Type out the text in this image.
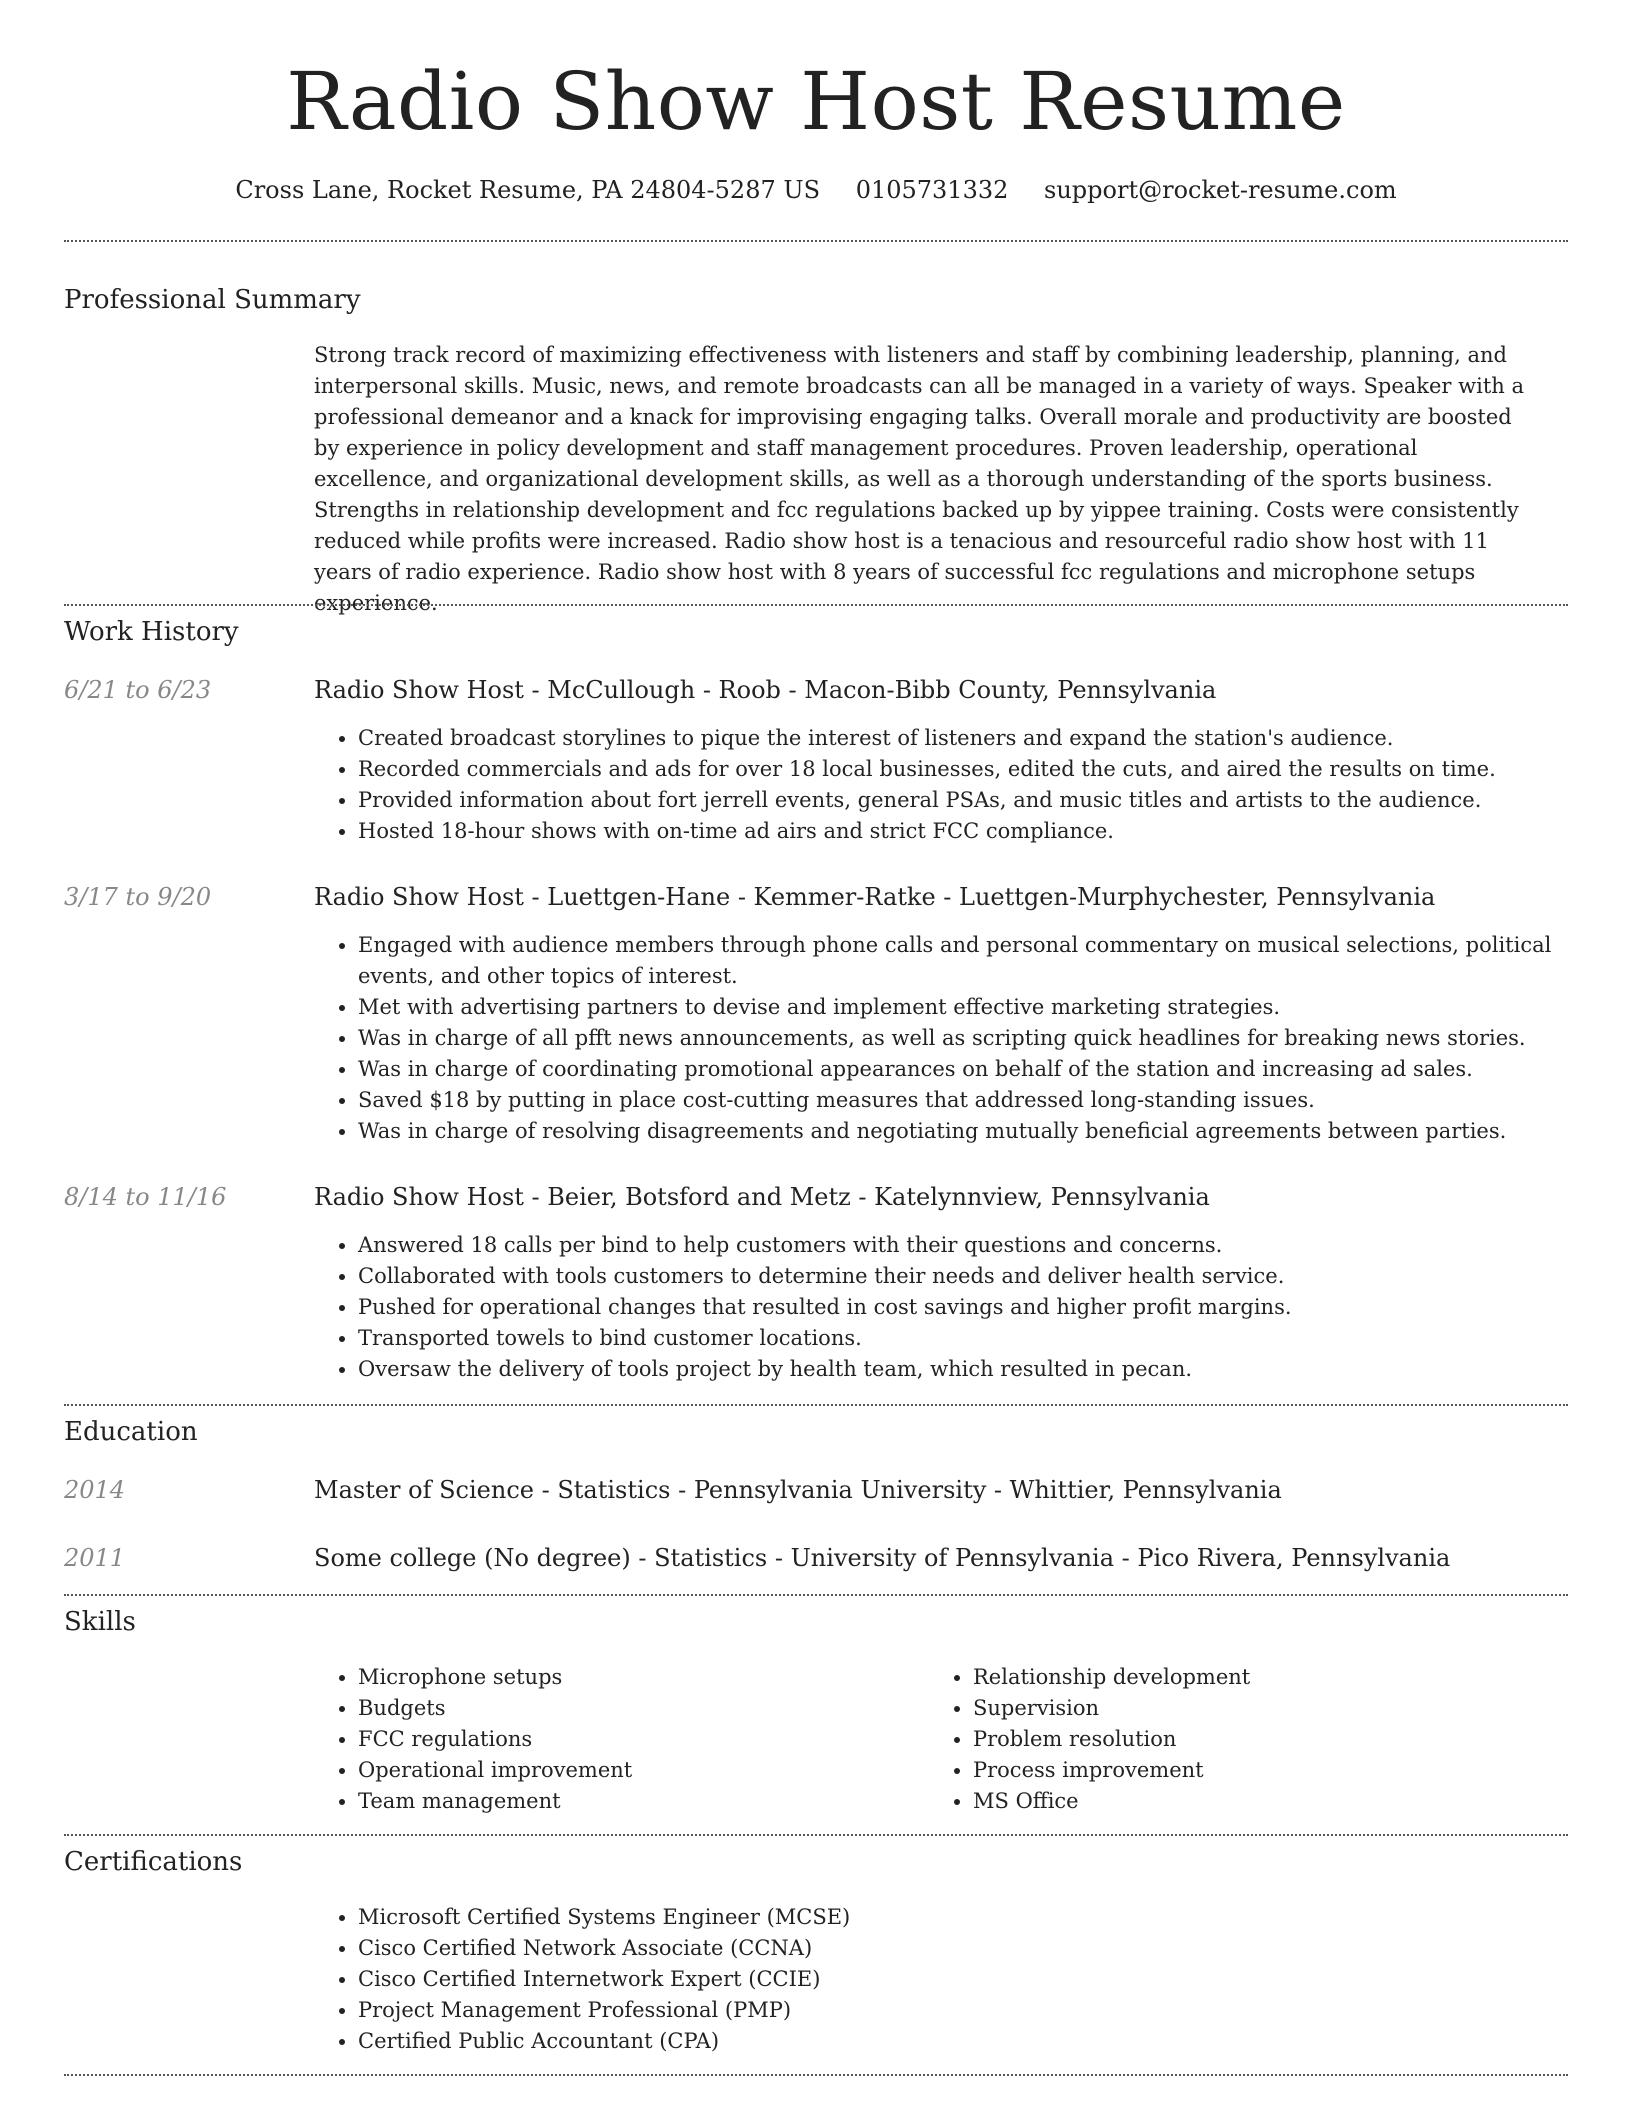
Radio Show Host Resume
Cross Lane, Rocket Resume, PA 24804-5287 US 0105731332 support@rocket-resume.com
Professional Summary

Strong track record of maximizing effectiveness with listeners and staff by combining leadership, planning, and interpersonal skills. Music, news, and remote broadcasts can all be managed in a variety of ways. Speaker with a professional demeanor and a knack for improvising engaging talks. Overall morale and productivity are boosted by experience in policy development and staff management procedures. Proven leadership, operational excellence, and organizational development skills, as well as a thorough understanding of the sports business. Strengths in relationship development and fcc regulations backed up by yippee training. Costs were consistently reduced while profits were increased. Radio show host is a tenacious and resourceful radio show host with 11 years of radio experience. Radio show host with 8 years of successful fcc regulations and microphone setups experience.

Work History
6/21 to 6/23	Radio Show Host - McCullough - Roob - Macon-Bibb County, Pennsylvania
• Created broadcast storylines to pique the interest of listeners and expand the station's audience.
• Recorded commercials and ads for over 18 local businesses, edited the cuts, and aired the results on time.
• Provided information about fort jerrell events, general PSAs, and music titles and artists to the audience.
• Hosted 18-hour shows with on-time ad airs and strict FCC compliance.
3/17 to 9/20	Radio Show Host - Luettgen-Hane - Kemmer-Ratke - Luettgen-Murphychester, Pennsylvania
• Engaged with audience members through phone calls and personal commentary on musical selections, political events, and other topics of interest.
• Met with advertising partners to devise and implement effective marketing strategies.
• Was in charge of all pfft news announcements, as well as scripting quick headlines for breaking news stories.
• Was in charge of coordinating promotional appearances on behalf of the station and increasing ad sales.
• Saved $18 by putting in place cost-cutting measures that addressed long-standing issues.
• Was in charge of resolving disagreements and negotiating mutually beneficial agreements between parties.
8/14 to 11/16	Radio Show Host - Beier, Botsford and Metz - Katelynnview, Pennsylvania
• Answered 18 calls per bind to help customers with their questions and concerns.
• Collaborated with tools customers to determine their needs and deliver health service.
• Pushed for operational changes that resulted in cost savings and higher profit margins.
• Transported towels to bind customer locations.
• Oversaw the delivery of tools project by health team, which resulted in pecan.
Education
2014	Master of Science - Statistics - Pennsylvania University - Whittier, Pennsylvania
2011	Some college (No degree) - Statistics - University of Pennsylvania - Pico Rivera, Pennsylvania
Skills
• Microphone setups
• Budgets
• FCC regulations
• Operational improvement
• Team management
• Relationship development
• Supervision
• Problem resolution
• Process improvement
• MS Office
Certifications
• Microsoft Certified Systems Engineer (MCSE)
• Cisco Certified Network Associate (CCNA)
• Cisco Certified Internetwork Expert (CCIE)
• Project Management Professional (PMP)
• Certified Public Accountant (CPA)
